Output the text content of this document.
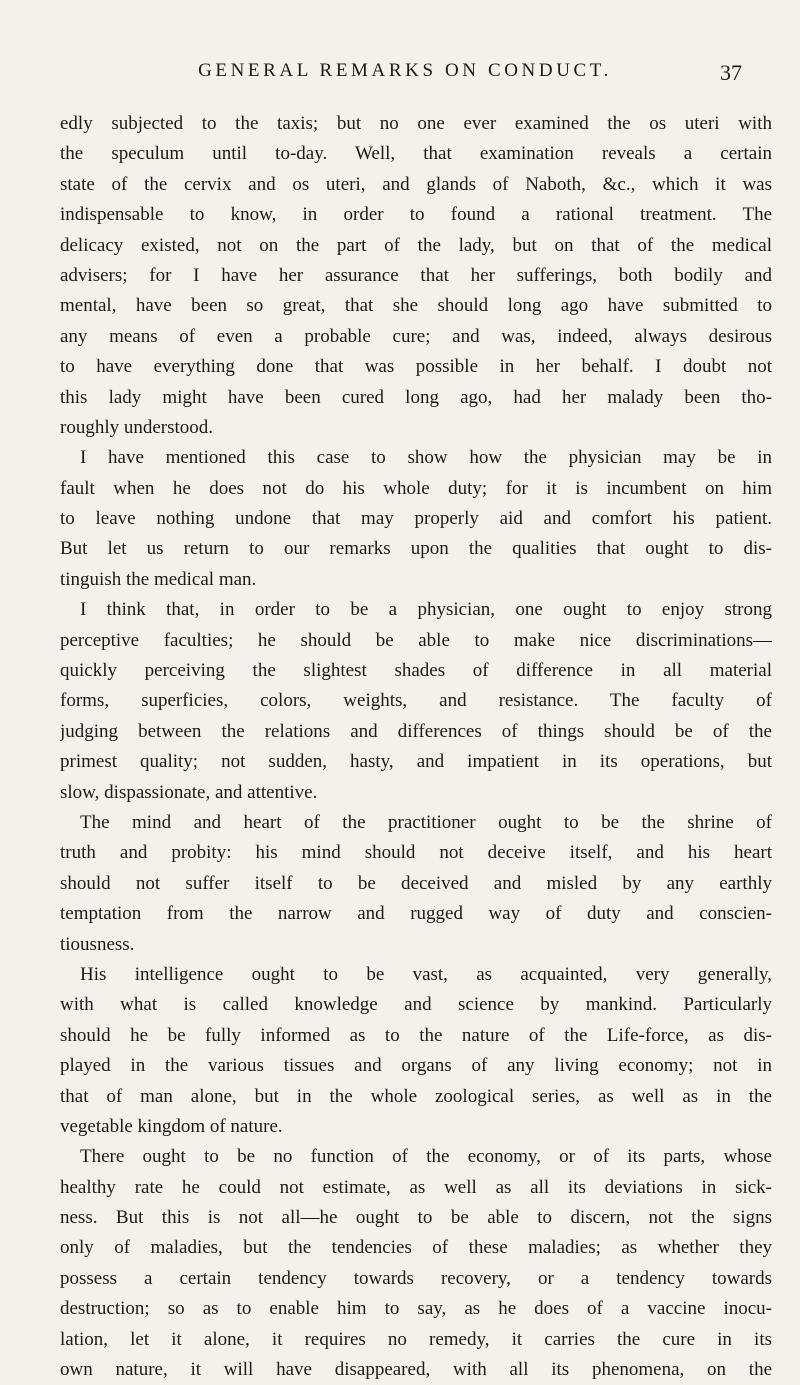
GENERAL REMARKS ON CONDUCT.	37
edly subjected to the taxis; but no one ever examined the os uteri with
the speculum until to-day. Well, that examination reveals a certain
state of the cervix and os uteri, and glands of Naboth, &c., which it was
indispensable to know, in order to found a rational treatment. The
delicacy existed, not on the part of the lady, but on that of the medical
advisers; for I have her assurance that her sufferings, both bodily and
mental, have been so great, that she should long ago have submitted to
any means of even a probable cure; and was, indeed, always desirous
to have everything done that was possible in her behalf. I doubt not
this lady might have been cured long ago, had her malady been tho-
roughly understood.
I have mentioned this case to show how the physician may be in
fault when he does not do his whole duty; for it is incumbent on him
to leave nothing undone that may properly aid and comfort his patient.
But let us return to our remarks upon the qualities that ought to dis-
tinguish the medical man.
I think that, in order to be a physician, one ought to enjoy strong
perceptive faculties; he should be able to make nice discriminations—
quickly perceiving the slightest shades of difference in all material
forms, superficies, colors, weights, and resistance. The faculty of
judging between the relations and differences of things should be of the
primest quality; not sudden, hasty, and impatient in its operations, but
slow, dispassionate, and attentive.
The mind and heart of the practitioner ought to be the shrine of
truth and probity: his mind should not deceive itself, and his heart
should not suffer itself to be deceived and misled by any earthly
temptation from the narrow and rugged way of duty and conscien-
tiousness.
His intelligence ought to be vast, as acquainted, very generally,
with what is called knowledge and science by mankind. Particularly
should he be fully informed as to the nature of the Life-force, as dis-
played in the various tissues and organs of any living economy; not in
that of man alone, but in the whole zoological series, as well as in the
vegetable kingdom of nature.
There ought to be no function of the economy, or of its parts, whose
healthy rate he could not estimate, as well as all its deviations in sick-
ness. But this is not all—he ought to be able to discern, not the signs
only of maladies, but the tendencies of these maladies; as whether they
possess a certain tendency towards recovery, or a tendency towards
destruction; so as to enable him to say, as he does of a vaccine inocu-
lation, let it alone, it requires no remedy, it carries the cure in its
own nature, it will have disappeared, with all its phenomena, on the
